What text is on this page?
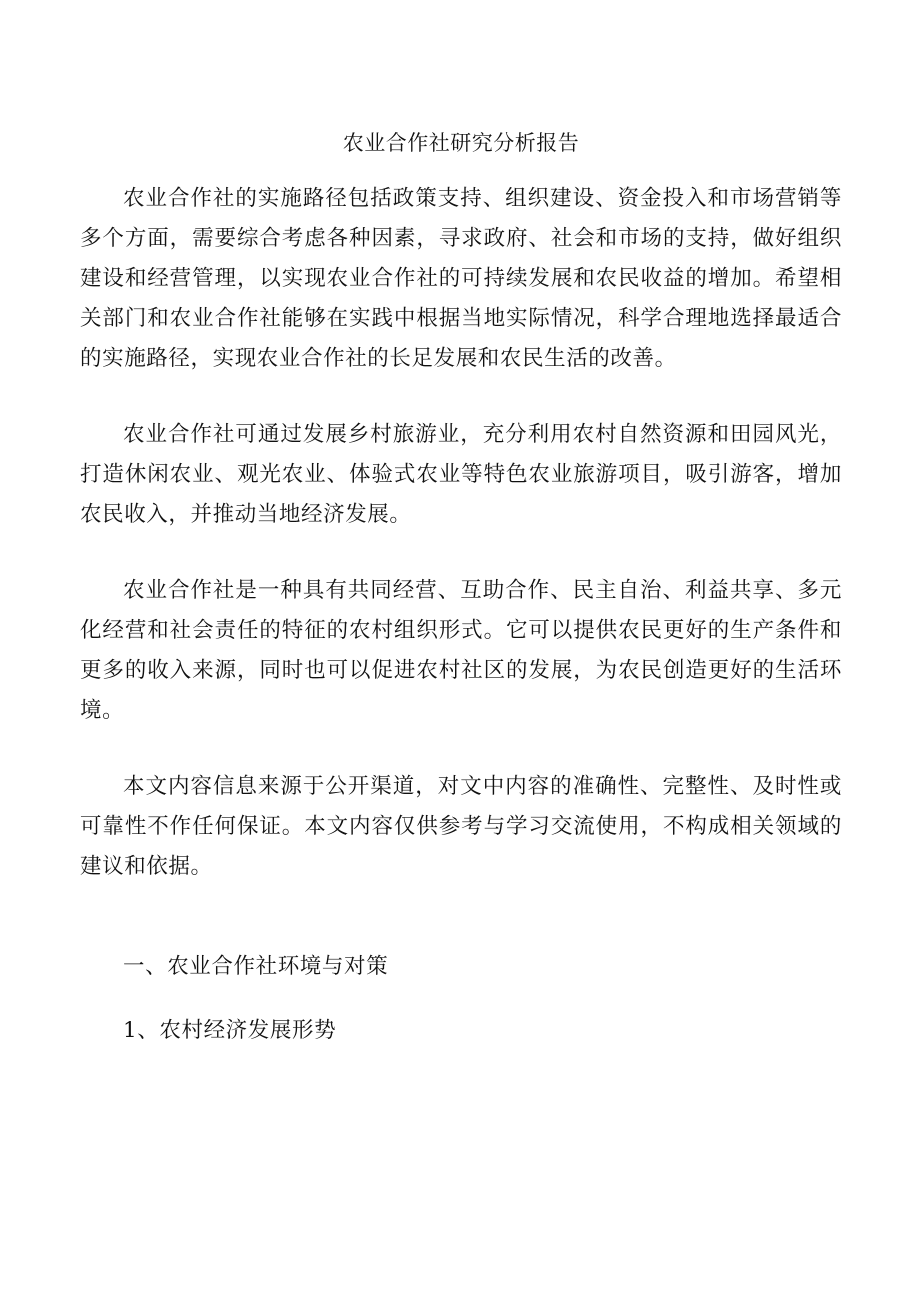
农业合作社研究分析报告

农业合作社的实施路径包括政策支持、组织建设、资金投入和市场营销等多个方面，需要综合考虑各种因素，寻求政府、社会和市场的支持，做好组织建设和经营管理，以实现农业合作社的可持续发展和农民收益的增加。希望相关部门和农业合作社能够在实践中根据当地实际情况，科学合理地选择最适合的实施路径，实现农业合作社的长足发展和农民生活的改善。

农业合作社可通过发展乡村旅游业，充分利用农村自然资源和田园风光，打造休闲农业、观光农业、体验式农业等特色农业旅游项目，吸引游客，增加农民收入，并推动当地经济发展。

农业合作社是一种具有共同经营、互助合作、民主自治、利益共享、多元化经营和社会责任的特征的农村组织形式。它可以提供农民更好的生产条件和更多的收入来源，同时也可以促进农村社区的发展，为农民创造更好的生活环境。

本文内容信息来源于公开渠道，对文中内容的准确性、完整性、及时性或可靠性不作任何保证。本文内容仅供参考与学习交流使用，不构成相关领域的建议和依据。

一、农业合作社环境与对策
1、农村经济发展形势
